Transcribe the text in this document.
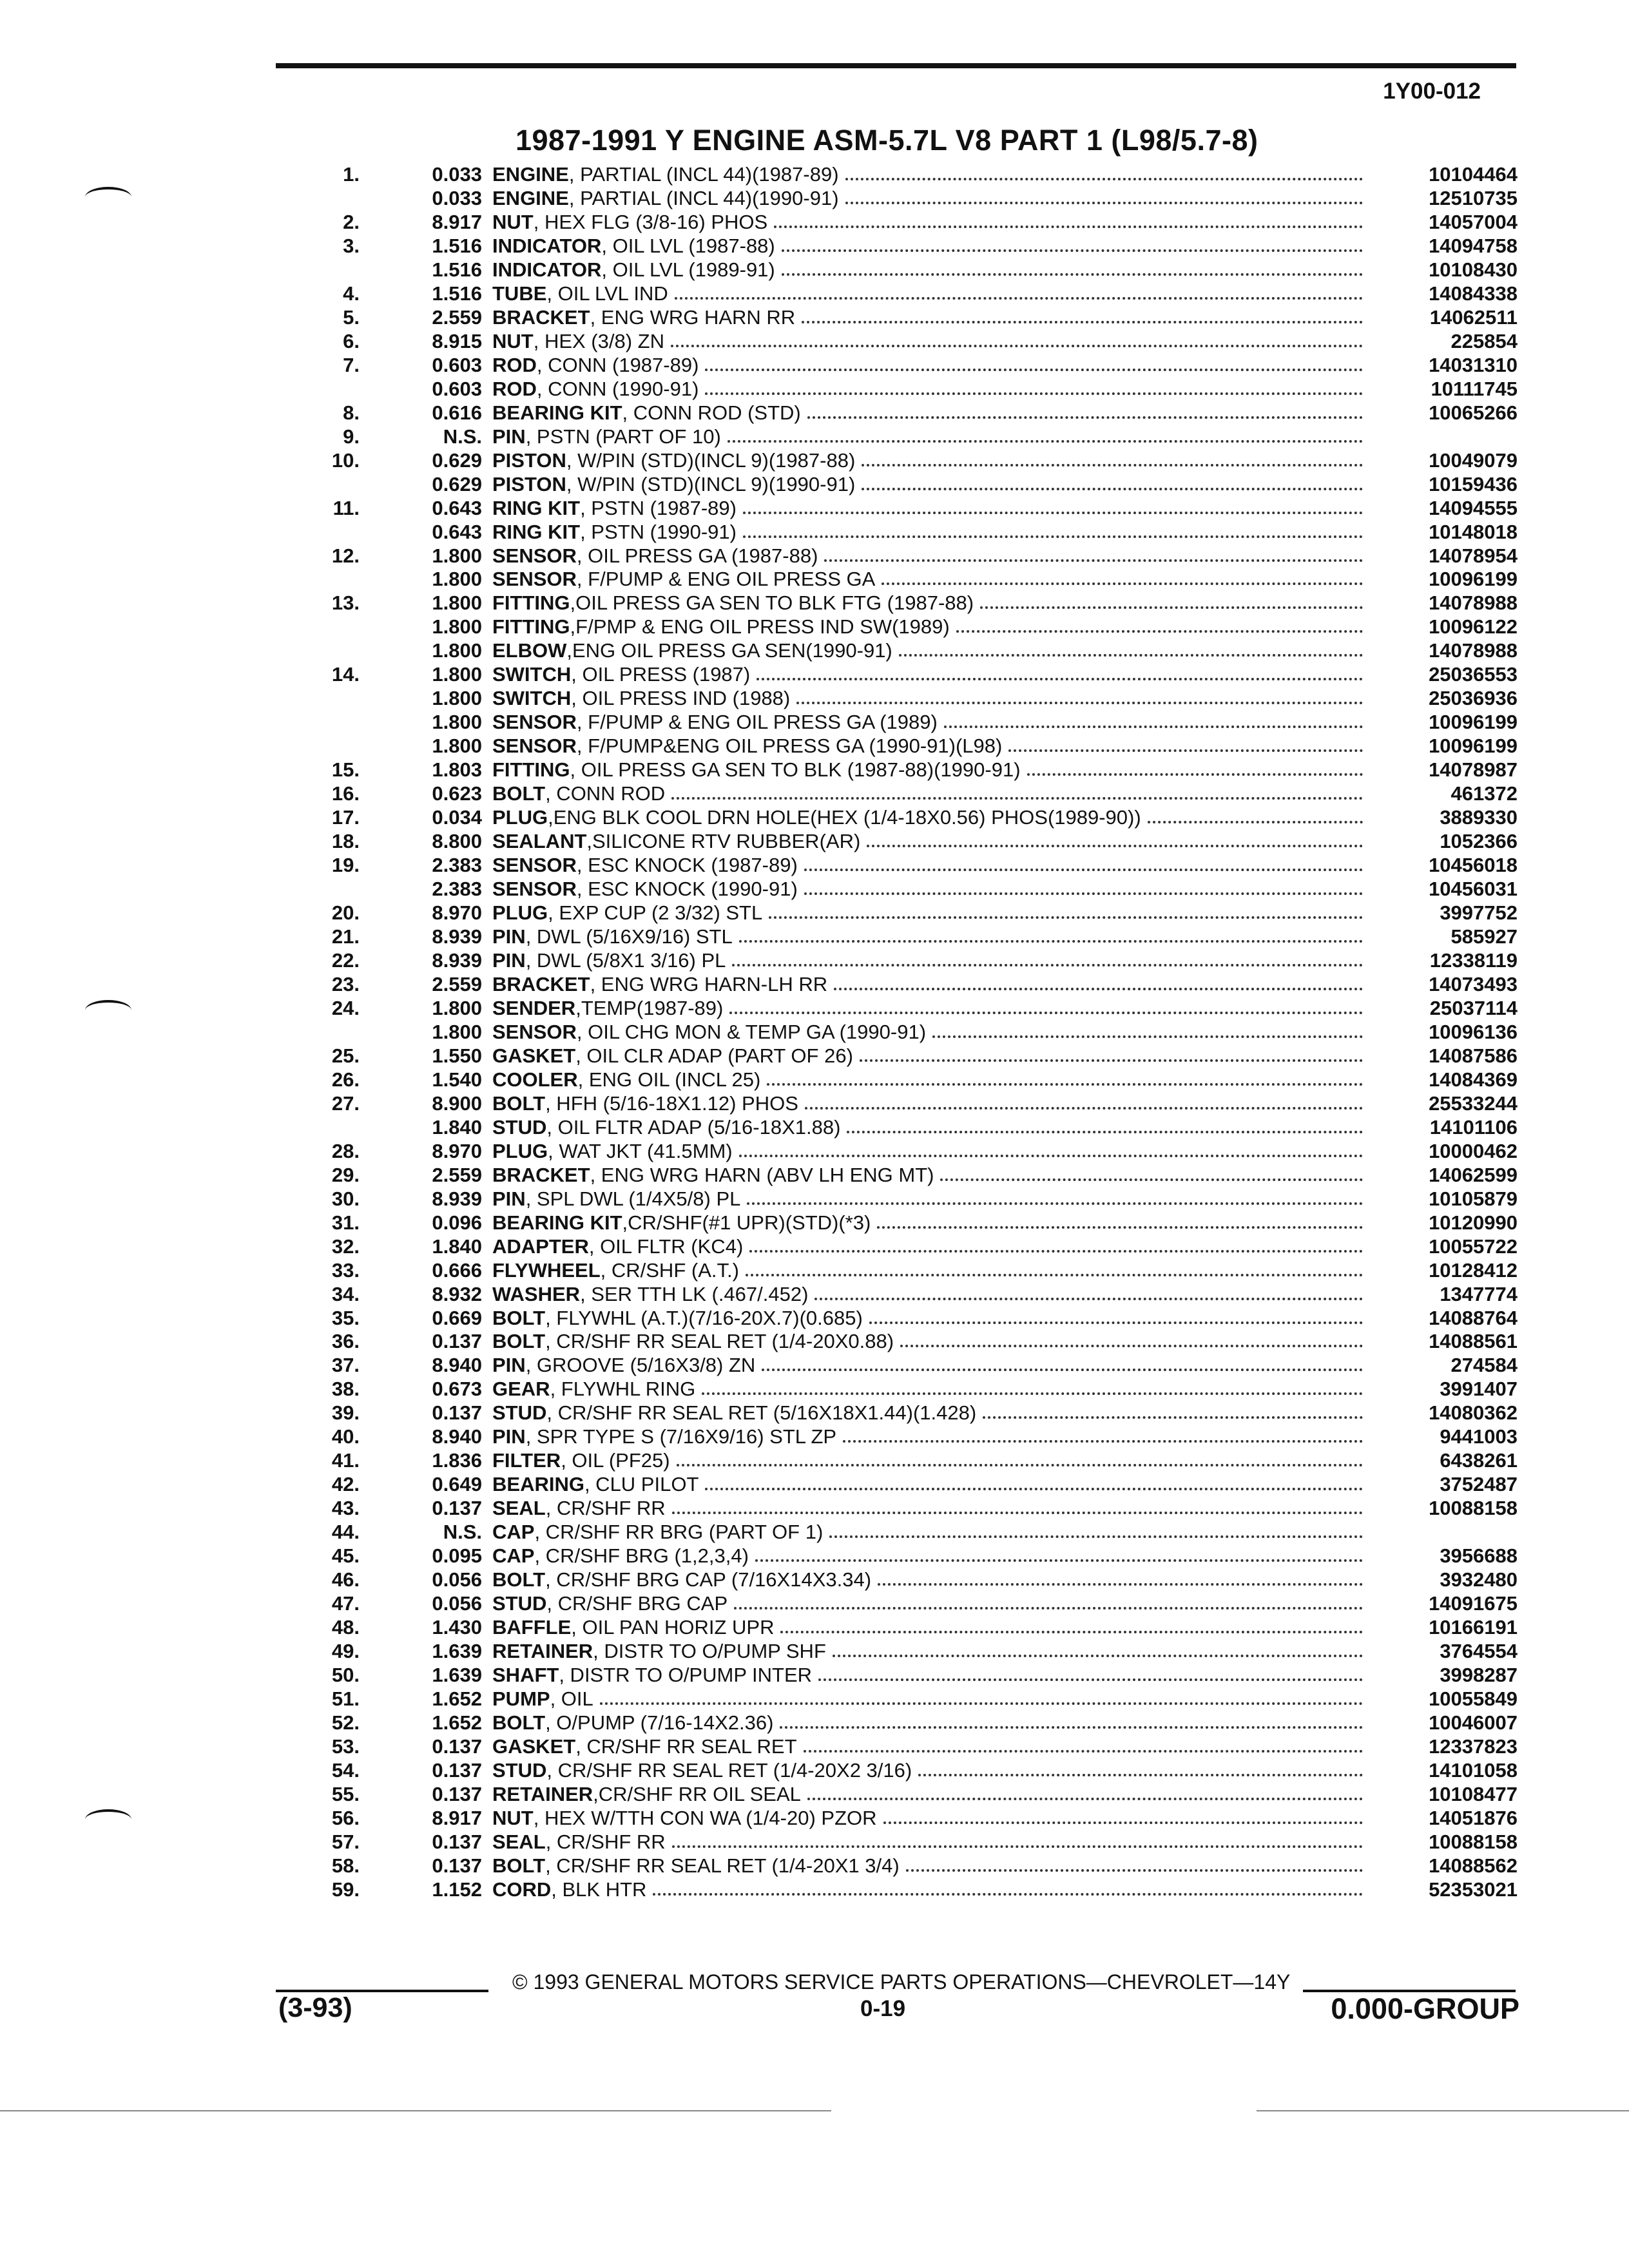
1Y00-012
1987-1991 Y ENGINE ASM-5.7L V8 PART 1 (L98/5.7-8)
1.	0.033 ENGINE, PARTIAL (INCL 44)(1987-89)	10104464
0.033 ENGINE, PARTIAL (INCL 44)(1990-91)	12510735
2.	8.917 NUT, HEX FLG (3/8-16) PHOS	14057004
3.	1.516 INDICATOR, OIL LVL (1987-88)	14094758
1.516 INDICATOR, OIL LVL (1989-91)	10108430
4.	1.516 TUBE, OIL LVL IND	14084338
5.	2.559 BRACKET, ENG WRG HARN RR	14062511
6.	8.915 NUT, HEX (3/8) ZN	225854
7.	0.603 ROD, CONN (1987-89)	14031310
0.603 ROD, CONN (1990-91)	10111745
8.	0.616 BEARING KIT, CONN ROD (STD)	10065266
9.	N.S. PIN, PSTN (PART OF 10)
10.	0.629 PISTON, W/PIN (STD)(INCL 9)(1987-88)	10049079
0.629 PISTON, W/PIN (STD)(INCL 9)(1990-91)	10159436
11.	0.643 RING KIT, PSTN (1987-89)	14094555
0.643 RING KIT, PSTN (1990-91)	10148018
12.	1.800 SENSOR, OIL PRESS GA (1987-88)	14078954
1.800 SENSOR, F/PUMP & ENG OIL PRESS GA	10096199
13.	1.800 FITTING,OIL PRESS GA SEN TO BLK FTG (1987-88)	14078988
1.800 FITTING,F/PMP & ENG OIL PRESS IND SW(1989)	10096122
1.800 ELBOW,ENG OIL PRESS GA SEN(1990-91)	14078988
14.	1.800 SWITCH, OIL PRESS (1987)	25036553
1.800 SWITCH, OIL PRESS IND (1988)	25036936
1.800 SENSOR, F/PUMP & ENG OIL PRESS GA (1989)	10096199
1.800 SENSOR, F/PUMP&ENG OIL PRESS GA (1990-91)(L98)	10096199
15.	1.803 FITTING, OIL PRESS GA SEN TO BLK (1987-88)(1990-91)	14078987
16.	0.623 BOLT, CONN ROD	461372
17.	0.034 PLUG,ENG BLK COOL DRN HOLE(HEX (1/4-18X0.56) PHOS(1989-90))	3889330
18.	8.800 SEALANT,SILICONE RTV RUBBER(AR)	1052366
19.	2.383 SENSOR, ESC KNOCK (1987-89)	10456018
2.383 SENSOR, ESC KNOCK (1990-91)	10456031
20.	8.970 PLUG, EXP CUP (2 3/32) STL	3997752
21.	8.939 PIN, DWL (5/16X9/16) STL	585927
22.	8.939 PIN, DWL (5/8X1 3/16) PL	12338119
23.	2.559 BRACKET, ENG WRG HARN-LH RR	14073493
24.	1.800 SENDER,TEMP(1987-89)	25037114
1.800 SENSOR, OIL CHG MON & TEMP GA (1990-91)	10096136
25.	1.550 GASKET, OIL CLR ADAP (PART OF 26)	14087586
26.	1.540 COOLER, ENG OIL (INCL 25)	14084369
27.	8.900 BOLT, HFH (5/16-18X1.12) PHOS	25533244
1.840 STUD, OIL FLTR ADAP (5/16-18X1.88)	14101106
28.	8.970 PLUG, WAT JKT (41.5MM)	10000462
29.	2.559 BRACKET, ENG WRG HARN (ABV LH ENG MT)	14062599
30.	8.939 PIN, SPL DWL (1/4X5/8) PL	10105879
31.	0.096 BEARING KIT,CR/SHF(#1 UPR)(STD)(*3)	10120990
32.	1.840 ADAPTER, OIL FLTR (KC4)	10055722
33.	0.666 FLYWHEEL, CR/SHF (A.T.)	10128412
34.	8.932 WASHER, SER TTH LK (.467/.452)	1347774
35.	0.669 BOLT, FLYWHL (A.T.)(7/16-20X.7)(0.685)	14088764
36.	0.137 BOLT, CR/SHF RR SEAL RET (1/4-20X0.88)	14088561
37.	8.940 PIN, GROOVE (5/16X3/8) ZN	274584
38.	0.673 GEAR, FLYWHL RING	3991407
39.	0.137 STUD, CR/SHF RR SEAL RET (5/16X18X1.44)(1.428)	14080362
40.	8.940 PIN, SPR TYPE S (7/16X9/16) STL ZP	9441003
41.	1.836 FILTER, OIL (PF25)	6438261
42.	0.649 BEARING, CLU PILOT	3752487
43.	0.137 SEAL, CR/SHF RR	10088158
44.	N.S. CAP, CR/SHF RR BRG (PART OF 1)
45.	0.095 CAP, CR/SHF BRG (1,2,3,4)	3956688
46.	0.056 BOLT, CR/SHF BRG CAP (7/16X14X3.34)	3932480
47.	0.056 STUD, CR/SHF BRG CAP	14091675
48.	1.430 BAFFLE, OIL PAN HORIZ UPR	10166191
49.	1.639 RETAINER, DISTR TO O/PUMP SHF	3764554
50.	1.639 SHAFT, DISTR TO O/PUMP INTER	3998287
51.	1.652 PUMP, OIL	10055849
52.	1.652 BOLT, O/PUMP (7/16-14X2.36)	10046007
53.	0.137 GASKET, CR/SHF RR SEAL RET	12337823
54.	0.137 STUD, CR/SHF RR SEAL RET (1/4-20X2 3/16)	14101058
55.	0.137 RETAINER,CR/SHF RR OIL SEAL	10108477
56.	8.917 NUT, HEX W/TTH CON WA (1/4-20) PZOR	14051876
57.	0.137 SEAL, CR/SHF RR	10088158
58.	0.137 BOLT, CR/SHF RR SEAL RET (1/4-20X1 3/4)	14088562
59.	1.152 CORD, BLK HTR	52353021
© 1993 GENERAL MOTORS SERVICE PARTS OPERATIONS—CHEVROLET—14Y
(3-93)	0-19	0.000-GROUP
